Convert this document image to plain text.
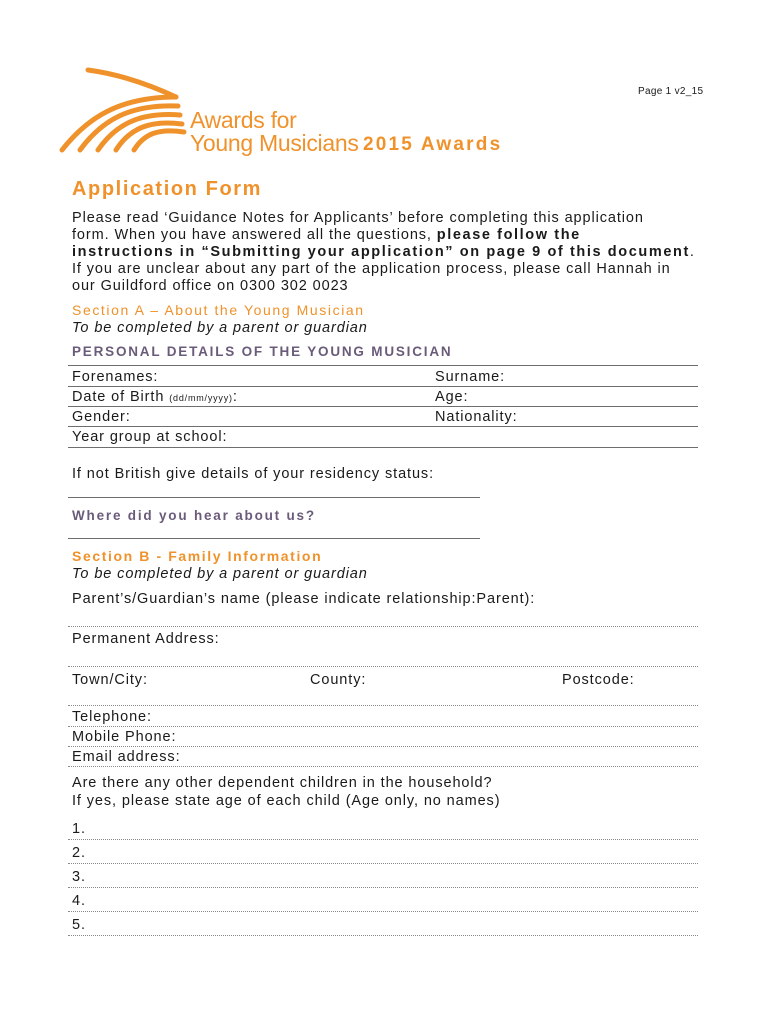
Awards for
Young Musicians
Page 1 v2_15
2015 Awards
Application Form
Please read ‘Guidance Notes for Applicants’ before completing this application
form. When you have answered all the questions, please follow the
instructions in “Submitting your application” on page 9 of this document.
If you are unclear about any part of the application process, please call Hannah in
our Guildford office on 0300 302 0023
Section A – About the Young Musician
To be completed by a parent or guardian
PERSONAL DETAILS OF THE YOUNG MUSICIAN
Forenames:	Surname:
Date of Birth (dd/mm/yyyy):	Age:
Gender:	Nationality:
Year group at school:
If not British give details of your residency status:
Where did you hear about us?
Section B - Family Information
To be completed by a parent or guardian
Parent’s/Guardian’s name (please indicate relationship:Parent):
Permanent Address:
Town/City:	County:	Postcode:
Telephone:
Mobile Phone:
Email address:
Are there any other dependent children in the household?
If yes, please state age of each child (Age only, no names)
1.
2.
3.
4.
5.
